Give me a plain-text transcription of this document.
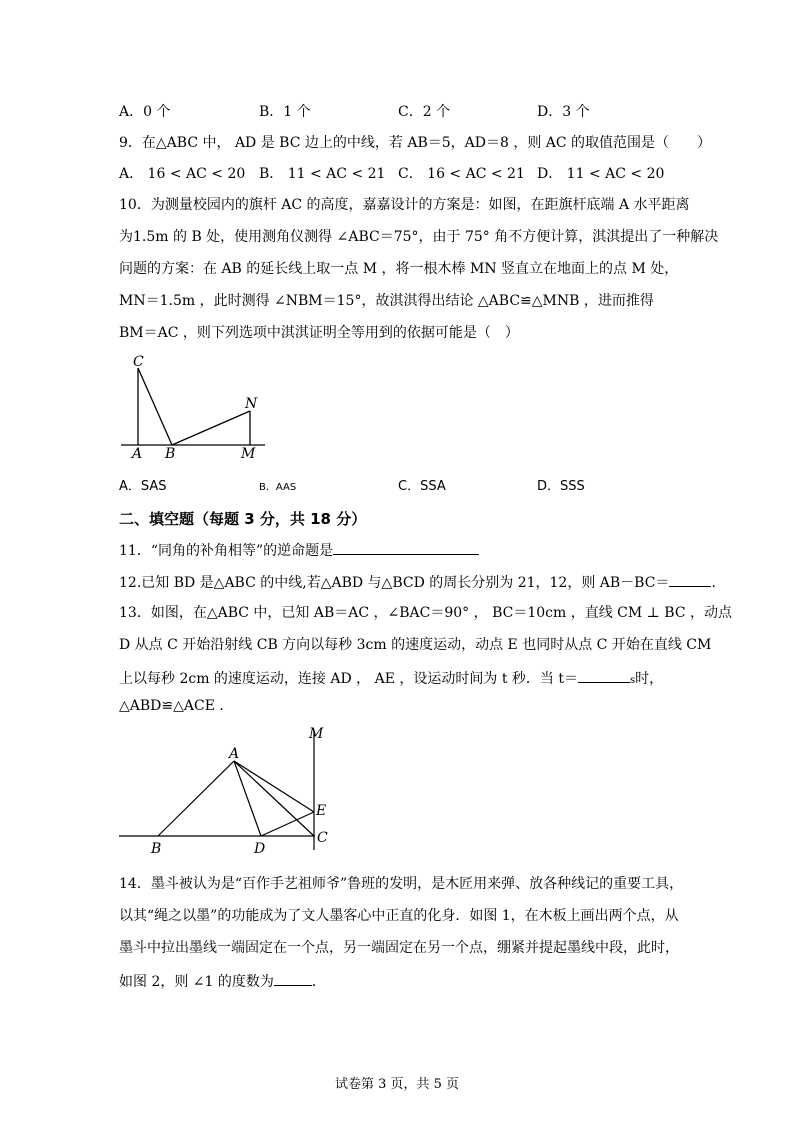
A．0 个	B．1 个	C．2 个	D．3 个
9．在△ABC 中， AD 是 BC 边上的中线，若 AB＝5，AD＝8 ，则 AC 的取值范围是（　　）
A． 16 < AC < 20 B． 11 < AC < 21 C． 16 < AC < 21 D． 11 < AC < 20
10．为测量校园内的旗杆 AC 的高度，嘉嘉设计的方案是：如图，在距旗杆底端 A 水平距离
为1.5m 的 B 处，使用测角仪测得 ∠ABC＝75°，由于 75° 角不方便计算，淇淇提出了一种解决
问题的方案：在 AB 的延长线上取一点 M ，将一根木棒 MN 竖直立在地面上的点 M 处，
MN＝1.5m ，此时测得 ∠NBM＝15°，故淇淇得出结论 △ABC≌△MNB ，进而推得
BM＝AC ，则下列选项中淇淇证明全等用到的依据可能是（　）
C
N
A B	M
A．SAS	B．AAS	C．SSA	D．SSS
二、填空题（每题 3 分，共 18 分）
11．“同角的补角相等”的逆命题是
12.已知 BD 是△ABC 的中线,若△ABD 与△BCD 的周长分别为 21，12，则 AB－BC＝	.
13．如图，在△ABC 中，已知 AB＝AC ，∠BAC＝90° ， BC＝10cm ，直线 CM ⊥ BC ，动点
D 从点 C 开始沿射线 CB 方向以每秒 3cm 的速度运动，动点 E 也同时从点 C 开始在直线 CM
上以每秒 2cm 的速度运动，连接 AD ， AE ，设运动时间为 t 秒．当 t＝	s时，
△ABD≌△ACE ．
M
A
E
B	D
C
14．墨斗被认为是“百作手艺祖师爷”鲁班的发明，是木匠用来弹、放各种线记的重要工具，
以其“绳之以墨”的功能成为了文人墨客心中正直的化身．如图 1，在木板上画出两个点，从
墨斗中拉出墨线一端固定在一个点，另一端固定在另一个点，绷紧并提起墨线中段，此时，
如图 2，则 ∠1 的度数为	．
试卷第 3 页，共 5 页
